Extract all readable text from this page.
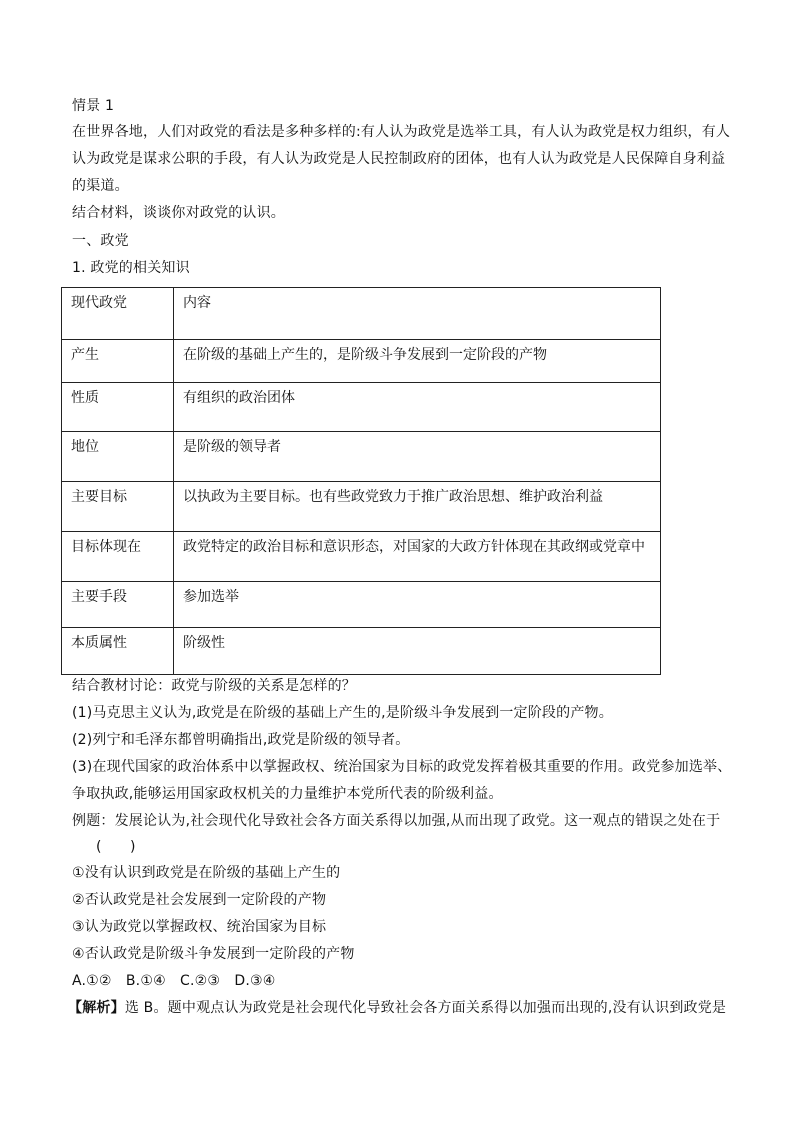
情景 1
在世界各地，人们对政党的看法是多种多样的:有人认为政党是选举工具，有人认为政党是权力组织，有人
认为政党是谋求公职的手段，有人认为政党是人民控制政府的团体，也有人认为政党是人民保障自身利益
的渠道。
结合材料，谈谈你对政党的认识。
一、政党
1. 政党的相关知识
现代政党	内容
产生	在阶级的基础上产生的，是阶级斗争发展到一定阶段的产物
性质	有组织的政治团体
地位	是阶级的领导者
主要目标	以执政为主要目标。也有些政党致力于推广政治思想、维护政治利益
目标体现在	政党特定的政治目标和意识形态，对国家的大政方针体现在其政纲或党章中
主要手段	参加选举
本质属性	阶级性
结合教材讨论：政党与阶级的关系是怎样的？
(1)马克思主义认为,政党是在阶级的基础上产生的,是阶级斗争发展到一定阶段的产物。
(2)列宁和毛泽东都曾明确指出,政党是阶级的领导者。
(3)在现代国家的政治体系中以掌握政权、统治国家为目标的政党发挥着极其重要的作用。政党参加选举、
争取执政,能够运用国家政权机关的力量维护本党所代表的阶级利益。
例题：发展论认为,社会现代化导致社会各方面关系得以加强,从而出现了政党。这一观点的错误之处在于
(　　)
①没有认识到政党是在阶级的基础上产生的
②否认政党是社会发展到一定阶段的产物
③认为政党以掌握政权、统治国家为目标
④否认政党是阶级斗争发展到一定阶段的产物
A.①②　B.①④　C.②③　D.③④
【解析】选 B。题中观点认为政党是社会现代化导致社会各方面关系得以加强而出现的,没有认识到政党是
